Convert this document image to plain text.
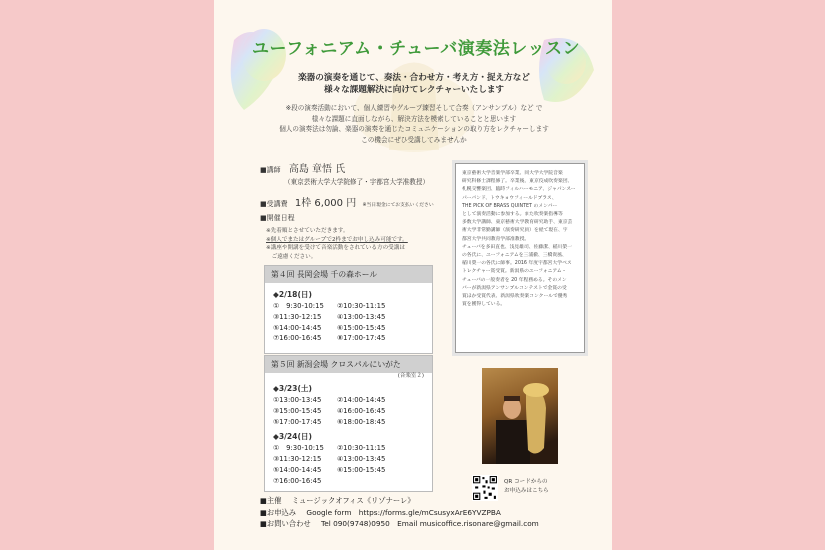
ユーフォニアム・チューバ演奏法レッスン
楽器の演奏を通じて、奏法・合わせ方・考え方・捉え方など
様々な課題解決に向けてレクチャーいたします
※段の演奏活動において、個人練習やグループ練習そして合奏（アンサンブル）など で
様々な課題に直面しながら、解決方法を模索していることと思います
個人の演奏法は勿論、楽器の演奏を通じたコミュニケーションの取り方をレクチャーします
この機会にぜひ受講してみませんか
■講師 高島 章悟 氏
（東京芸術大学大学院修了・宇都宮大学准教授）
■受講費 1枠 6,000 円 ※当日現金にてお支払いください
■開催日程
※先着順とさせていただきます。
※個人でまたはグループで2枠までお申し込み可能です。
※講座や開講を受けて音楽活動をされている方の受講は
　ご遠慮ください。
第４回 長岡会場 千の森ホール
◆2/18(日)
①　9:30-10:15	②10:30-11:15
③11:30-12:15	④13:00-13:45
⑤14:00-14:45	⑥15:00-15:45
⑦16:00-16:45	⑧17:00-17:45
第５回 新潟会場 クロスパルにいがた
(音楽室２)
◆3/23(土)
①13:00-13:45	②14:00-14:45
③15:00-15:45	④16:00-16:45
⑤17:00-17:45	⑥18:00-18:45
◆3/24(日)
①　9:30-10:15	②10:30-11:15
③11:30-12:15	④13:00-13:45
⑤14:00-14:45	⑥15:00-15:45
⑦16:00-16:45
東京藝術大学音楽学部卒業、同大学大学院音楽
研究科修士課程修了。卒業後、東京佼成吹奏楽団、
札幌交響楽団、臨時フィルハーモニア、ジャパンスー
パーバンド、トウキョウフィールドブラス、
THE PICK OF BRASS QUINTET のメンバー
として演奏活動に参加する。また吹奏楽指導等
多数大学講師、東京藝術大学教育研究助手、東京芸
術大学非常勤講師（演奏研究員）を経て現在、宇
都宮大学共同教育学部准教授。
チューバを多田直也、浅見雄司、佐藤潔、稲川榮一
の各氏に、ユーフォニアムを三浦徹、三橋貴風、
稲川榮一の各氏に師事。2016 年度宇都宮大学ベス
トレクチャー賞受賞。新潟県のユーフォニアム・
チューバの一般奏者を 20 年程務める。そのメン
バーが新潟県アンサンブルコンテストで金賞の受
賞ほか受賞代表、新潟県吹奏楽コンクールで優秀
賞を獲得している。
QR コードからの
お申込みはこちら
■主催 ミュージックオフィス《リゾナーレ》
■お申込み Google form　https://forms.gle/mCsusyxArE6YVZPBA
■お問い合わせ Tel 090(9748)0950　Email musicoffice.risonare@gmail.com
